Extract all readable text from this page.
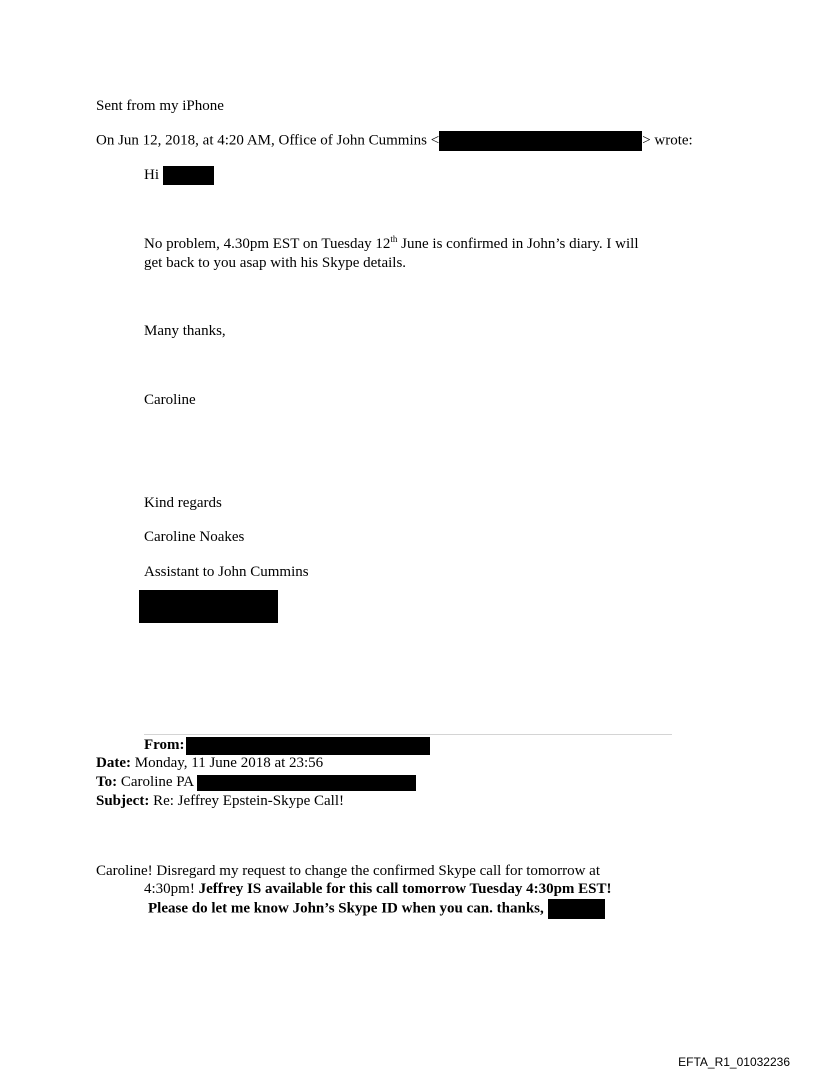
Sent from my iPhone
On Jun 12, 2018, at 4:20 AM, Office of John Cummins <	> wrote:
Hi
No problem, 4.30pm EST on Tuesday 12th June is confirmed in John’s diary. I will
get back to you asap with his Skype details.
Many thanks,
Caroline
Kind regards
Caroline Noakes
Assistant to John Cummins
From:
Date: Monday, 11 June 2018 at 23:56
To: Caroline PA
Subject: Re: Jeffrey Epstein-Skype Call!
Caroline! Disregard my request to change the confirmed Skype call for tomorrow at
4:30pm! Jeffrey IS available for this call tomorrow Tuesday 4:30pm EST!
Please do let me know John’s Skype ID when you can. thanks,
EFTA_R1_01032236
